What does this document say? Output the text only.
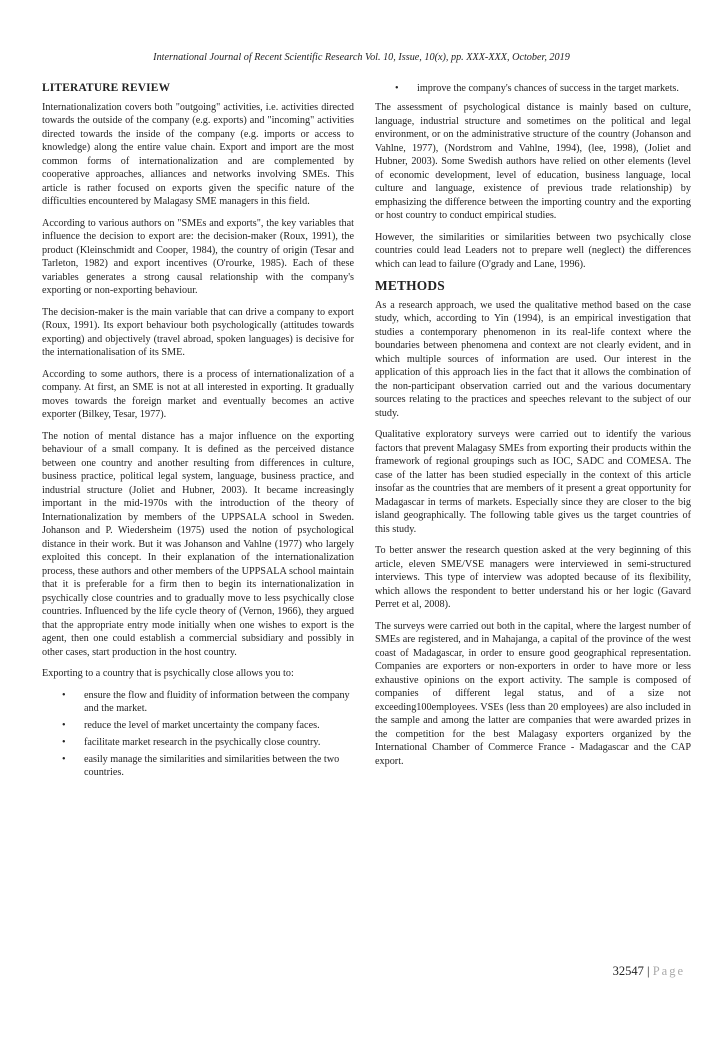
International Journal of Recent Scientific Research Vol. 10, Issue, 10(x), pp. XXX-XXX, October, 2019
LITERATURE REVIEW

Internationalization covers both "outgoing" activities, i.e. activities directed towards the outside of the company (e.g. exports) and "incoming" activities directed towards the inside of the company (e.g. imports or access to knowledge) along the entire value chain. Export and import are the most common forms of internationalization and are complemented by cooperative approaches, alliances and networks involving SMEs. This article is rather focused on exports given the specific nature of the difficulties encountered by Malagasy SME managers in this field.

According to various authors on "SMEs and exports", the key variables that influence the decision to export are: the decision-maker (Roux, 1991), the product (Kleinschmidt and Cooper, 1984), the country of origin (Tesar and Tarleton, 1982) and export incentives (O'rourke, 1985). Each of these variables generates a strong causal relationship with the company's exporting or non-exporting behaviour.

The decision-maker is the main variable that can drive a company to export (Roux, 1991). Its export behaviour both psychologically (attitudes towards exporting) and objectively (travel abroad, spoken languages) is decisive for the internationalisation of its SME.

According to some authors, there is a process of internationalization of a company. At first, an SME is not at all interested in exporting. It gradually moves towards the foreign market and eventually becomes an active exporter (Bilkey, Tesar, 1977).

The notion of mental distance has a major influence on the exporting behaviour of a small company. It is defined as the perceived distance between one country and another resulting from differences in culture, business practice, political legal system, language, business practice, and industrial structure (Joliet and Hubner, 2003). It became increasingly important in the mid-1970s with the introduction of the theory of Internationalization by members of the UPPSALA school in Sweden. Johanson and P. Wiedersheim (1975) used the notion of psychological distance in their work. But it was Johanson and Vahlne (1977) who largely exploited this concept. In their explanation of the internationalization process, these authors and other members of the UPPSALA school maintain that it is preferable for a firm then to begin its internationalization in psychically close countries and to gradually move to less psychically close countries. Influenced by the life cycle theory of (Vernon, 1966), they argued that the appropriate entry mode initially when one wishes to export is the agent, then one could establish a commercial subsidiary and possibly in other cases, start production in the host country.

Exporting to a country that is psychically close allows you to:

• ensure the flow and fluidity of information between the company and the market.
• reduce the level of market uncertainty the company faces.
• facilitate market research in the psychically close country.
• easily manage the similarities and similarities between the two countries.
• improve the company's chances of success in the target markets.

The assessment of psychological distance is mainly based on culture, language, industrial structure and sometimes on the political and legal environment, or on the administrative structure of the country (Johanson and Vahlne, 1977), (Nordstrom and Vahlne, 1994), (lee, 1998), (Joliet and Hubner, 2003). Some Swedish authors have relied on other elements (level of economic development, level of education, business language, local culture and language, existence of previous trade relationship) by emphasizing the difference between the importing country and the exporting or host country to conduct empirical studies.

However, the similarities or similarities between two psychically close countries could lead Leaders not to prepare well (neglect) the differences which can lead to failure (O'grady and Lane, 1996).

METHODS

As a research approach, we used the qualitative method based on the case study, which, according to Yin (1994), is an empirical investigation that studies a contemporary phenomenon in its real-life context where the boundaries between phenomena and context are not clearly evident, and in which multiple sources of information are used. Our interest in the application of this approach lies in the fact that it allows the combination of the non-participant observation carried out and the various documentary sources relating to the practices and speeches relevant to the subject of our study.

Qualitative exploratory surveys were carried out to identify the various factors that prevent Malagasy SMEs from exporting their products within the framework of regional groupings such as IOC, SADC and COMESA. The case of the latter has been studied especially in the context of this article insofar as the countries that are members of it present a great opportunity for Madagascar in terms of markets. Especially since they are closer to the big island geographically. The following table gives us the target countries of this study.

To better answer the research question asked at the very beginning of this article, eleven SME/VSE managers were interviewed in semi-structured interviews. This type of interview was adopted because of its flexibility, which allows the respondent to better understand his or her logic (Gavard Perret et al, 2008).

The surveys were carried out both in the capital, where the largest number of SMEs are registered, and in Mahajanga, a capital of the province of the west coast of Madagascar, in order to ensure good geographical representation. Companies are exporters or non-exporters in order to have more or less exhaustive opinions on the export activity. The sample is composed of companies of different legal status, and of a size not exceeding100employees. VSEs (less than 20 employees) are also included in the sample and among the latter are companies that were awarded prizes in the competition for the best Malagasy exporters organized by the International Chamber of Commerce France - Madagascar and the CAP export.

32547 | Page
